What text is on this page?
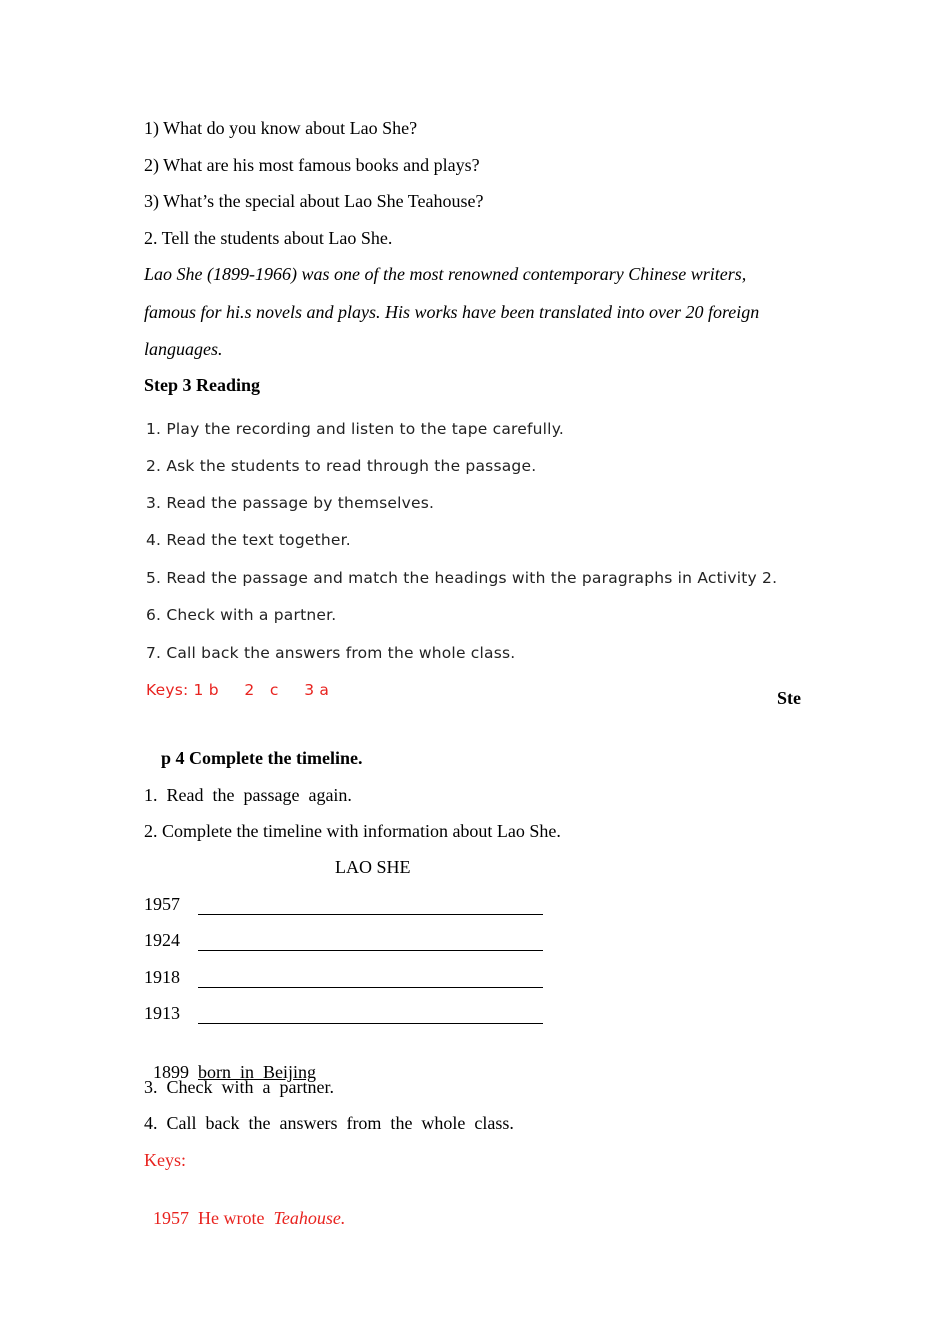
1) What do you know about Lao She?
2) What are his most famous books and plays?
3) What’s the special about Lao She Teahouse?
2. Tell the students about Lao She.
Lao She (1899-1966) was one of the most renowned contemporary Chinese writers,
famous for hi.s novels and plays. His works have been translated into over 20 foreign
languages.
Step 3 Reading
1. Play the recording and listen to the tape carefully.
2. Ask the students to read through the passage.
3. Read the passage by themselves.
4. Read the text together.
5. Read the passage and match the headings with the paragraphs in Activity 2.
6. Check with a partner.
7. Call back the answers from the whole class.
Keys: 1 b     2   c     3 a	Ste
p 4 Complete the timeline.
1.  Read  the  passage  again.
2. Complete the timeline with information about Lao She.
LAO SHE
1957
1924
1918
1913

1899 born  in  Beijing

3.  Check  with  a  partner.
4.  Call  back  the  answers  from  the  whole  class.
Keys:

1957  He wrote  Teahouse.
